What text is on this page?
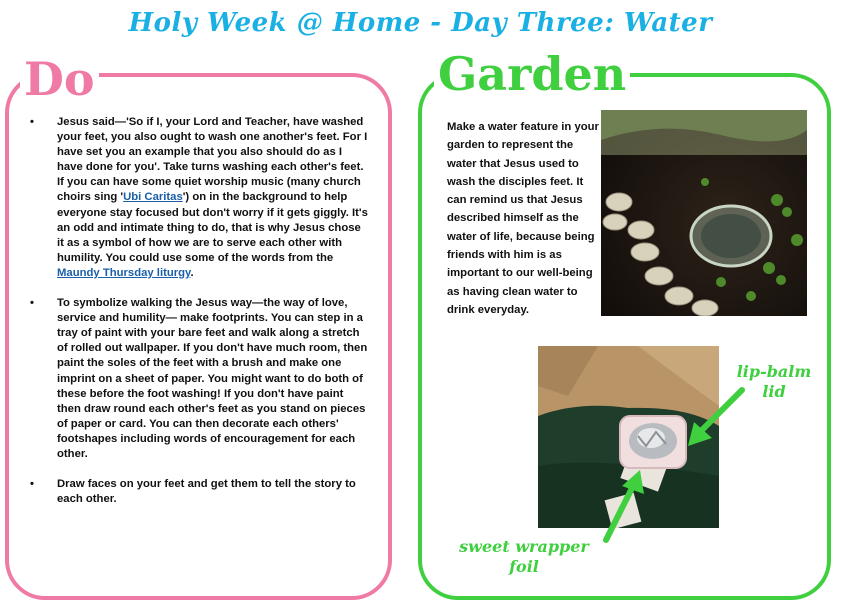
Holy Week @ Home - Day Three: Water
Do
• Jesus said—'So if I, your Lord and Teacher, have washed your feet, you also ought to wash one another's feet. For I have set you an example that you also should do as I have done for you'. Take turns washing each other's feet. If you can have some quiet worship music (many church choirs sing 'Ubi Caritas') on in the background to help everyone stay focused but don't worry if it gets giggly. It's an odd and intimate thing to do, that is why Jesus chose it as a symbol of how we are to serve each other with humility. You could use some of the words from the Maundy Thursday liturgy.
• To symbolize walking the Jesus way—the way of love, service and humility— make footprints. You can step in a tray of paint with your bare feet and walk along a stretch of rolled out wallpaper. If you don't have much room, then paint the soles of the feet with a brush and make one imprint on a sheet of paper. You might want to do both of these before the foot washing! If you don't have paint then draw round each other's feet as you stand on pieces of paper or card. You can then decorate each others' footshapes including words of encouragement for each other.
• Draw faces on your feet and get them to tell the story to each other.
Garden
Make a water feature in your garden to represent the water that Jesus used to wash the disciples feet. It can remind us that Jesus described himself as the water of life, because being friends with him is as important to our well-being as having clean water to drink everyday.
lip-balm lid
sweet wrapper foil
